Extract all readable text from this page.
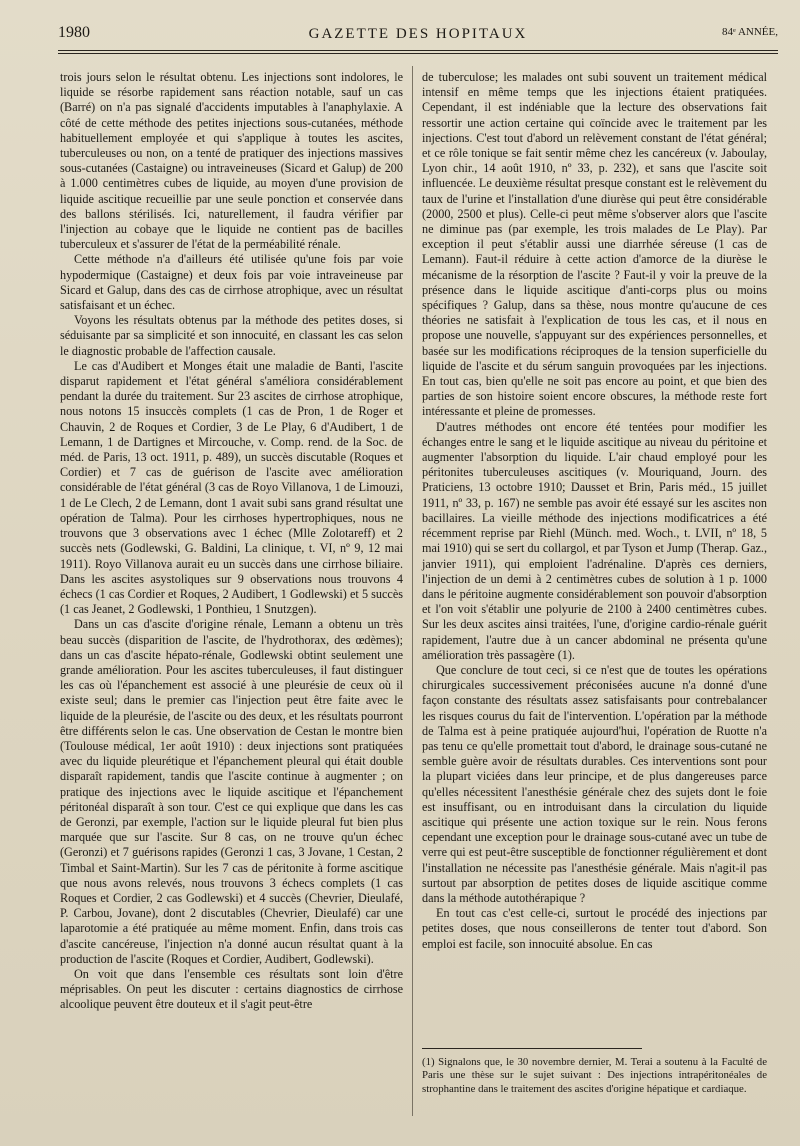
1980	GAZETTE DES HOPITAUX	84ᵉ ANNÉE,

trois jours selon le résultat obtenu. Les injections sont indolores, le liquide se résorbe rapidement sans réaction notable, sauf un cas (Barré) on n'a pas signalé d'accidents imputables à l'anaphylaxie. A côté de cette méthode des petites injections sous-cutanées, méthode habituellement employée et qui s'applique à toutes les ascites, tuberculeuses ou non, on a tenté de pratiquer des injections massives sous-cutanées (Castaigne) ou intraveineuses (Sicard et Galup) de 200 à 1.000 centimètres cubes de liquide, au moyen d'une provision de liquide ascitique recueillie par une seule ponction et conservée dans des ballons stérilisés. Ici, naturellement, il faudra vérifier par l'injection au cobaye que le liquide ne contient pas de bacilles tuberculeux et s'assurer de l'état de la perméabilité rénale.

Cette méthode n'a d'ailleurs été utilisée qu'une fois par voie hypodermique (Castaigne) et deux fois par voie intraveineuse par Sicard et Galup, dans des cas de cirrhose atrophique, avec un résultat satisfaisant et un échec.

Voyons les résultats obtenus par la méthode des petites doses, si séduisante par sa simplicité et son innocuité, en classant les cas selon le diagnostic probable de l'affection causale.

Le cas d'Audibert et Monges était une maladie de Banti, l'ascite disparut rapidement et l'état général s'améliora considérablement pendant la durée du traitement. Sur 23 ascites de cirrhose atrophique, nous notons 15 insuccès complets (1 cas de Pron, 1 de Roger et Chauvin, 2 de Roques et Cordier, 3 de Le Play, 6 d'Audibert, 1 de Lemann, 1 de Dartignes et Mircouche, v. Comp. rend. de la Soc. de méd. de Paris, 13 oct. 1911, p. 489), un succès discutable (Roques et Cordier) et 7 cas de guérison de l'ascite avec amélioration considérable de l'état général (3 cas de Royo Villanova, 1 de Limouzi, 1 de Le Clech, 2 de Lemann, dont 1 avait subi sans grand résultat une opération de Talma). Pour les cirrhoses hypertrophiques, nous ne trouvons que 3 observations avec 1 échec (Mlle Zolotareff) et 2 succès nets (Godlewski, G. Baldini, La clinique, t. VI, nº 9, 12 mai 1911). Royo Villanova aurait eu un succès dans une cirrhose biliaire. Dans les ascites asystoliques sur 9 observations nous trouvons 4 échecs (1 cas Cordier et Roques, 2 Audibert, 1 Godlewski) et 5 succès (1 cas Jeanet, 2 Godlewski, 1 Ponthieu, 1 Snutzgen).

Dans un cas d'ascite d'origine rénale, Lemann a obtenu un très beau succès (disparition de l'ascite, de l'hydrothorax, des œdèmes); dans un cas d'ascite hépato-rénale, Godlewski obtint seulement une grande amélioration. Pour les ascites tuberculeuses, il faut distinguer les cas où l'épanchement est associé à une pleurésie de ceux où il existe seul; dans le premier cas l'injection peut être faite avec le liquide de la pleurésie, de l'ascite ou des deux, et les résultats pourront être différents selon le cas. Une observation de Cestan le montre bien (Toulouse médical, 1er août 1910) : deux injections sont pratiquées avec du liquide pleurétique et l'épanchement pleural qui était double disparaît rapidement, tandis que l'ascite continue à augmenter ; on pratique des injections avec le liquide ascitique et l'épanchement péritonéal disparaît à son tour. C'est ce qui explique que dans les cas de Geronzi, par exemple, l'action sur le liquide pleural fut bien plus marquée que sur l'ascite. Sur 8 cas, on ne trouve qu'un échec (Geronzi) et 7 guérisons rapides (Geronzi 1 cas, 3 Jovane, 1 Cestan, 2 Timbal et Saint-Martin). Sur les 7 cas de péritonite à forme ascitique que nous avons relevés, nous trouvons 3 échecs complets (1 cas Roques et Cordier, 2 cas Godlewski) et 4 succès (Chevrier, Dieulafé, P. Carbou, Jovane), dont 2 discutables (Chevrier, Dieulafé) car une laparotomie a été pratiquée au même moment. Enfin, dans trois cas d'ascite cancéreuse, l'injection n'a donné aucun résultat quant à la production de l'ascite (Roques et Cordier, Audibert, Godlewski).

On voit que dans l'ensemble ces résultats sont loin d'être méprisables. On peut les discuter : certains diagnostics de cirrhose alcoolique peuvent être douteux et il s'agit peut-être

de tuberculose; les malades ont subi souvent un traitement médical intensif en même temps que les injections étaient pratiquées. Cependant, il est indéniable que la lecture des observations fait ressortir une action certaine qui coïncide avec le traitement par les injections. C'est tout d'abord un relèvement constant de l'état général; et ce rôle tonique se fait sentir même chez les cancéreux (v. Jaboulay, Lyon chir., 14 août 1910, nº 33, p. 232), et sans que l'ascite soit influencée. Le deuxième résultat presque constant est le relèvement du taux de l'urine et l'installation d'une diurèse qui peut être considérable (2000, 2500 et plus). Celle-ci peut même s'observer alors que l'ascite ne diminue pas (par exemple, les trois malades de Le Play). Par exception il peut s'établir aussi une diarrhée séreuse (1 cas de Lemann). Faut-il réduire à cette action d'amorce de la diurèse le mécanisme de la résorption de l'ascite ? Faut-il y voir la preuve de la présence dans le liquide ascitique d'anti-corps plus ou moins spécifiques ? Galup, dans sa thèse, nous montre qu'aucune de ces théories ne satisfait à l'explication de tous les cas, et il nous en propose une nouvelle, s'appuyant sur des expériences personnelles, et basée sur les modifications réciproques de la tension superficielle du liquide de l'ascite et du sérum sanguin provoquées par les injections. En tout cas, bien qu'elle ne soit pas encore au point, et que bien des parties de son histoire soient encore obscures, la méthode reste fort intéressante et pleine de promesses.

D'autres méthodes ont encore été tentées pour modifier les échanges entre le sang et le liquide ascitique au niveau du péritoine et augmenter l'absorption du liquide. L'air chaud employé pour les péritonites tuberculeuses ascitiques (v. Mouriquand, Journ. des Praticiens, 13 octobre 1910; Dausset et Brin, Paris méd., 15 juillet 1911, nº 33, p. 167) ne semble pas avoir été essayé sur les ascites non bacillaires. La vieille méthode des injections modificatrices a été récemment reprise par Riehl (Münch. med. Woch., t. LVII, nº 18, 5 mai 1910) qui se sert du collargol, et par Tyson et Jump (Therap. Gaz., janvier 1911), qui emploient l'adrénaline. D'après ces derniers, l'injection de un demi à 2 centimètres cubes de solution à 1 p. 1000 dans le péritoine augmente considérablement son pouvoir d'absorption et l'on voit s'établir une polyurie de 2100 à 2400 centimètres cubes. Sur les deux ascites ainsi traitées, l'une, d'origine cardio-rénale guérit rapidement, l'autre due à un cancer abdominal ne présenta qu'une amélioration très passagère (1).

Que conclure de tout ceci, si ce n'est que de toutes les opérations chirurgicales successivement préconisées aucune n'a donné d'une façon constante des résultats assez satisfaisants pour contrebalancer les risques courus du fait de l'intervention. L'opération par la méthode de Talma est à peine pratiquée aujourd'hui, l'opération de Ruotte n'a pas tenu ce qu'elle promettait tout d'abord, le drainage sous-cutané ne semble guère avoir de résultats durables. Ces interventions sont pour la plupart viciées dans leur principe, et de plus dangereuses parce qu'elles nécessitent l'anesthésie générale chez des sujets dont le foie est insuffisant, ou en introduisant dans la circulation du liquide ascitique qui présente une action toxique sur le rein. Nous ferons cependant une exception pour le drainage sous-cutané avec un tube de verre qui est peut-être susceptible de fonctionner régulièrement et dont l'installation ne nécessite pas l'anesthésie générale. Mais n'agit-il pas surtout par absorption de petites doses de liquide ascitique comme dans la méthode autothérapique ?

En tout cas c'est celle-ci, surtout le procédé des injections par petites doses, que nous conseillerons de tenter tout d'abord. Son emploi est facile, son innocuité absolue. En cas

(1) Signalons que, le 30 novembre dernier, M. Terai a soutenu à la Faculté de Paris une thèse sur le sujet suivant : Des injections intrapéritonéales de strophantine dans le traitement des ascites d'origine hépatique et cardiaque.
